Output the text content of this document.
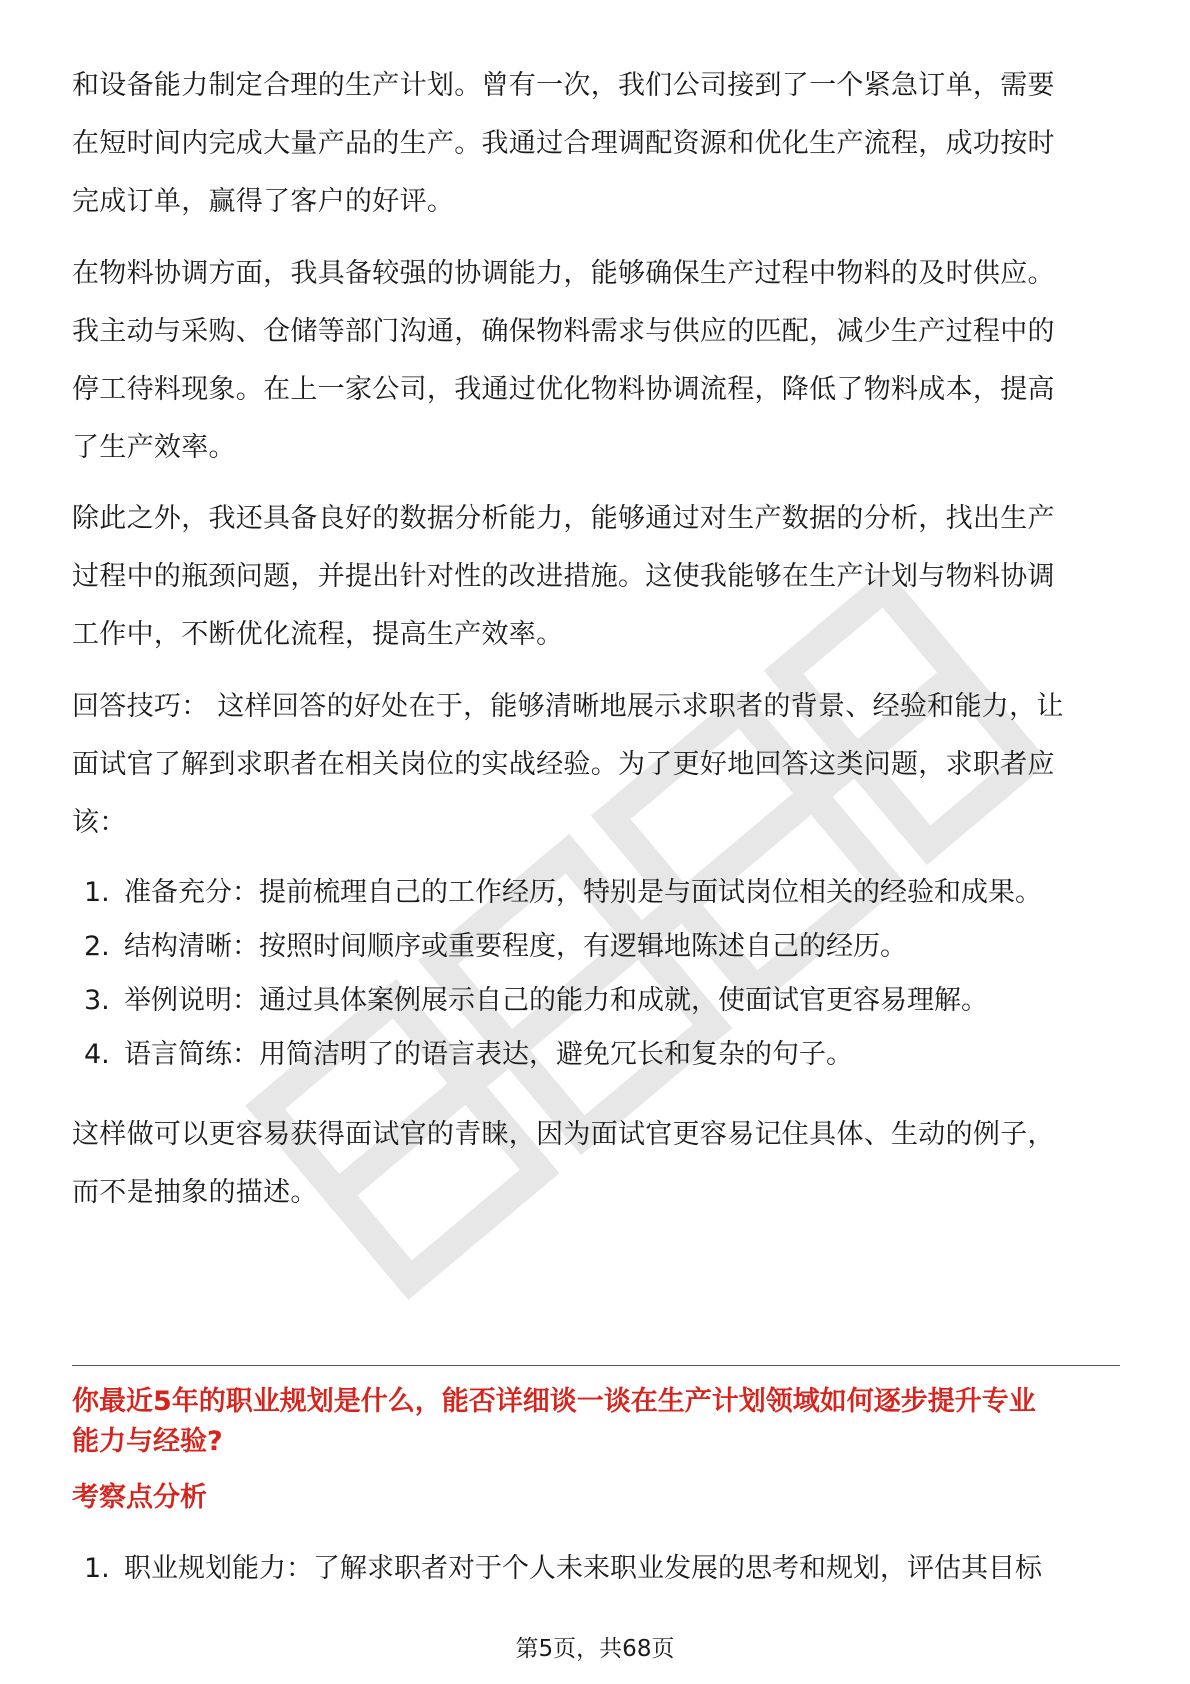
和设备能力制定合理的生产计划。曾有一次，我们公司接到了一个紧急订单，需要
在短时间内完成大量产品的生产。我通过合理调配资源和优化生产流程，成功按时
完成订单，赢得了客户的好评。
在物料协调方面，我具备较强的协调能力，能够确保生产过程中物料的及时供应。
我主动与采购、仓储等部门沟通，确保物料需求与供应的匹配，减少生产过程中的
停工待料现象。在上一家公司，我通过优化物料协调流程，降低了物料成本，提高
了生产效率。
除此之外，我还具备良好的数据分析能力，能够通过对生产数据的分析，找出生产
过程中的瓶颈问题，并提出针对性的改进措施。这使我能够在生产计划与物料协调
工作中，不断优化流程，提高生产效率。
回答技巧： 这样回答的好处在于，能够清晰地展示求职者的背景、经验和能力，让
面试官了解到求职者在相关岗位的实战经验。为了更好地回答这类问题，求职者应
该：
1. 准备充分：提前梳理自己的工作经历，特别是与面试岗位相关的经验和成果。
2. 结构清晰：按照时间顺序或重要程度，有逻辑地陈述自己的经历。
3. 举例说明：通过具体案例展示自己的能力和成就，使面试官更容易理解。
4. 语言简练：用简洁明了的语言表达，避免冗长和复杂的句子。
这样做可以更容易获得面试官的青睐，因为面试官更容易记住具体、生动的例子，
而不是抽象的描述。
你最近5年的职业规划是什么，能否详细谈一谈在生产计划领域如何逐步提升专业
能力与经验?
考察点分析
1. 职业规划能力：了解求职者对于个人未来职业发展的思考和规划，评估其目标
第5页，共68页
